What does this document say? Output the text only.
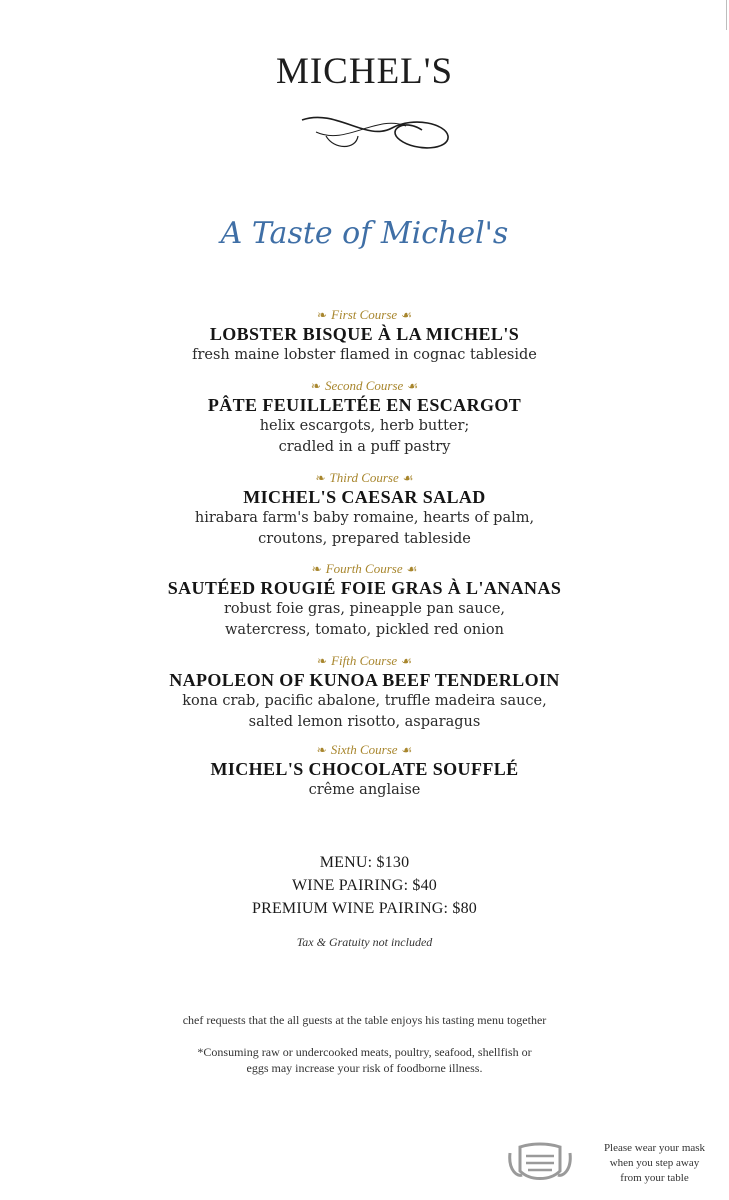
MICHEL'S
A Taste of Michel's
❧ First Course ☙
LOBSTER BISQUE À LA MICHEL'S
fresh maine lobster flamed in cognac tableside
❧ Second Course ☙
PÂTE FEUILLETÉE EN ESCARGOT
helix escargots, herb butter;
cradled in a puff pastry
❧ Third Course ☙
MICHEL'S CAESAR SALAD
hirabara farm's baby romaine, hearts of palm,
croutons, prepared tableside
❧ Fourth Course ☙
SAUTÉED ROUGIÉ FOIE GRAS À L'ANANAS
robust foie gras, pineapple pan sauce,
watercress, tomato, pickled red onion
❧ Fifth Course ☙
NAPOLEON OF KUNOA BEEF TENDERLOIN
kona crab, pacific abalone, truffle madeira sauce,
salted lemon risotto, asparagus
❧ Sixth Course ☙
MICHEL'S CHOCOLATE SOUFFLÉ
crême anglaise
MENU: $130
WINE PAIRING: $40
PREMIUM WINE PAIRING: $80
Tax & Gratuity not included
chef requests that the all guests at the table enjoys his tasting menu together
*Consuming raw or undercooked meats, poultry, seafood, shellfish or
eggs may increase your risk of foodborne illness.
Please wear your mask
when you step away
from your table
